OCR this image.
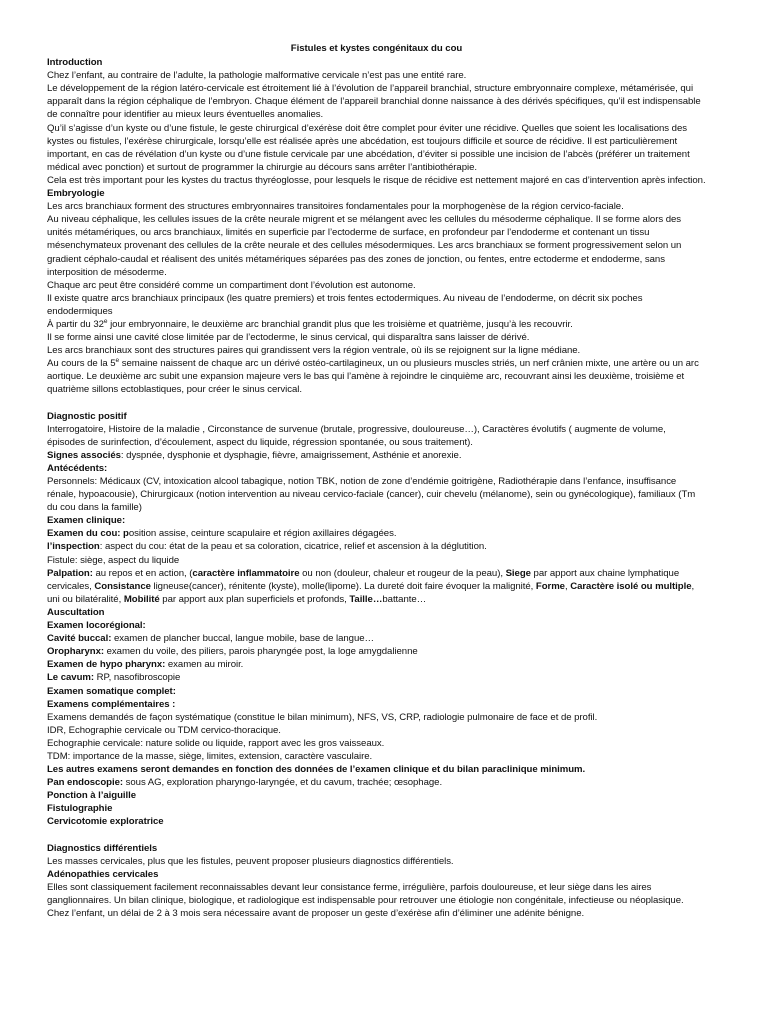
Fistules et kystes congénitaux du cou
Introduction

Chez l’enfant, au contraire de l’adulte, la pathologie malformative cervicale n’est pas une entité rare.

Le développement de la région latéro-cervicale est étroitement lié à l’évolution de l’appareil branchial, structure embryonnaire complexe, métamérisée, qui apparaît dans la région céphalique de l’embryon. Chaque élément de l’appareil branchial donne naissance à des dérivés spécifiques, qu’il est indispensable de connaître pour identifier au mieux leurs éventuelles anomalies.

Qu’il s’agisse d’un kyste ou d’une fistule, le geste chirurgical d’exérèse doit être complet pour éviter une récidive. Quelles que soient les localisations des kystes ou fistules, l’exérèse chirurgicale, lorsqu’elle est réalisée après une abcédation, est toujours difficile et source de récidive. Il est particulièrement important, en cas de révélation d’un kyste ou d’une fistule cervicale par une abcédation, d’éviter si possible une incision de l’abcès (préférer un traitement médical avec ponction) et surtout de programmer la chirurgie au décours sans arrêter l’antibiothérapie.

Cela est très important pour les kystes du tractus thyréoglosse, pour lesquels le risque de récidive est nettement majoré en cas d’intervention après infection.

Embryologie

Les arcs branchiaux forment des structures embryonnaires transitoires fondamentales pour la morphogenèse de la région cervico-faciale.

Au niveau céphalique, les cellules issues de la crête neurale migrent et se mélangent avec les cellules du mésoderme céphalique. Il se forme alors des unités métamériques, ou arcs branchiaux, limités en superficie par l’ectoderme de surface, en profondeur par l’endoderme et contenant un tissu mésenchymateux provenant des cellules de la crête neurale et des cellules mésodermiques. Les arcs branchiaux se forment progressivement selon un gradient céphalo-caudal et réalisent des unités métamériques séparées pas des zones de jonction, ou fentes, entre ectoderme et endoderme, sans interposition de mésoderme.

Chaque arc peut être considéré comme un compartiment dont l’évolution est autonome.

Il existe quatre arcs branchiaux principaux (les quatre premiers) et trois fentes ectodermiques. Au niveau de l’endoderme, on décrit six poches endodermiques

À partir du 32e jour embryonnaire, le deuxième arc branchial grandit plus que les troisième et quatrième, jusqu’à les recouvrir.

Il se forme ainsi une cavité close limitée par de l’ectoderme, le sinus cervical, qui disparaîtra sans laisser de dérivé.

Les arcs branchiaux sont des structures paires qui grandissent vers la région ventrale, où ils se rejoignent sur la ligne médiane.

Au cours de la 5e semaine naissent de chaque arc un dérivé ostéo-cartilagineux, un ou plusieurs muscles striés, un nerf crânien mixte, une artère ou un arc aortique. Le deuxième arc subit une expansion majeure vers le bas qui l’amène à rejoindre le cinquième arc, recouvrant ainsi les deuxième, troisième et quatrième sillons ectoblastiques, pour créer le sinus cervical.

Diagnostic positif

Interrogatoire, Histoire de la maladie , Circonstance de survenue (brutale, progressive, douloureuse…), Caractères évolutifs ( augmente de volume, épisodes de surinfection, d’écoulement, aspect du liquide, régression spontanée, ou sous traitement).

Signes associés: dyspnée, dysphonie et dysphagie, fièvre, amaigrissement, Asthénie et anorexie.

Antécédents:

Personnels: Médicaux (CV, intoxication alcool tabagique, notion TBK, notion de zone d’endémie goitrigène, Radiothérapie dans l’enfance, insuffisance rénale, hypoacousie), Chirurgicaux (notion intervention au niveau cervico-faciale (cancer), cuir chevelu (mélanome), sein ou gynécologique), familiaux (Tm du cou dans la famille)

Examen clinique:

Examen du cou: position assise, ceinture scapulaire et région axillaires dégagées.

l’inspection: aspect du cou: état de la peau et sa coloration, cicatrice, relief et ascension à la déglutition.

Fistule: siège, aspect du liquide

Palpation: au repos et en action, (caractère inflammatoire ou non (douleur, chaleur et rougeur de la peau), Siege par apport aux chaine lymphatique cervicales, Consistance ligneuse(cancer), rénitente (kyste), molle(lipome). La dureté doit faire évoquer la malignité, Forme, Caractère isolé ou multiple, uni ou bilatéralité, Mobilité par apport aux plan superficiels et profonds, Taille…battante…

Auscultation
Examen locorégional:

Cavité buccal: examen de plancher buccal, langue mobile, base de langue…

Oropharynx: examen du voile, des piliers, parois pharyngée post, la loge amygdalienne

Examen de hypo pharynx: examen au miroir.

Le cavum: RP, nasofibroscopie

Examen somatique complet:
Examens complémentaires :

Examens demandés de façon systématique (constitue le bilan minimum), NFS, VS, CRP, radiologie pulmonaire de face et de profil.

IDR, Echographie cervicale ou TDM cervico-thoracique.

Echographie cervicale: nature solide ou liquide, rapport avec les gros vaisseaux.

TDM: importance de la masse, siège, limites, extension, caractère vasculaire.

Les autres examens seront demandes en fonction des données de l’examen clinique et du bilan paraclinique minimum.

Pan endoscopie: sous AG, exploration pharyngo-laryngée, et du cavum, trachée; œsophage.

Ponction à l’aiguille
Fistulographie
Cervicotomie exploratrice
Diagnostics différentiels

Les masses cervicales, plus que les fistules, peuvent proposer plusieurs diagnostics différentiels.

Adénopathies cervicales

Elles sont classiquement facilement reconnaissables devant leur consistance ferme, irrégulière, parfois douloureuse, et leur siège dans les aires ganglionnaires. Un bilan clinique, biologique, et radiologique est indispensable pour retrouver une étiologie non congénitale, infectieuse ou néoplasique. Chez l’enfant, un délai de 2 à 3 mois sera nécessaire avant de proposer un geste d’exérèse afin d’éliminer une adénite bénigne.
